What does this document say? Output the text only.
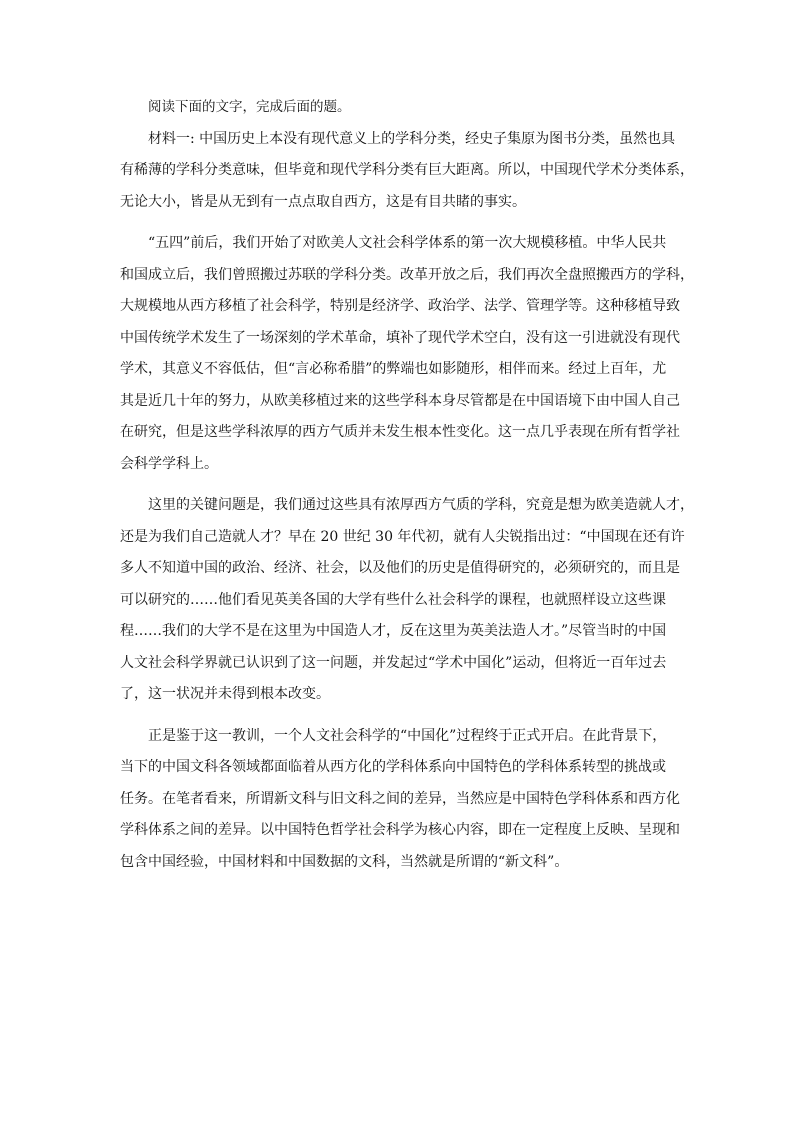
阅读下面的文字，完成后面的题。
材料一: 中国历史上本没有现代意义上的学科分类，经史子集原为图书分类，虽然也具
有稀薄的学科分类意味，但毕竟和现代学科分类有巨大距离。所以，中国现代学术分类体系，
无论大小，皆是从无到有一点点取自西方，这是有目共睹的事实。
“五四”前后，我们开始了对欧美人文社会科学体系的第一次大规模移植。中华人民共
和国成立后，我们曾照搬过苏联的学科分类。改革开放之后，我们再次全盘照搬西方的学科，
大规模地从西方移植了社会科学，特别是经济学、政治学、法学、管理学等。这种移植导致
中国传统学术发生了一场深刻的学术革命，填补了现代学术空白，没有这一引进就没有现代
学术，其意义不容低估，但“言必称希腊”的弊端也如影随形，相伴而来。经过上百年，尤
其是近几十年的努力，从欧美移植过来的这些学科本身尽管都是在中国语境下由中国人自己
在研究，但是这些学科浓厚的西方气质并未发生根本性变化。这一点几乎表现在所有哲学社
会科学学科上。
这里的关键问题是，我们通过这些具有浓厚西方气质的学科，究竟是想为欧美造就人才，
还是为我们自己造就人才？早在 20 世纪 30 年代初，就有人尖锐指出过：“中国现在还有许
多人不知道中国的政治、经济、社会，以及他们的历史是值得研究的，必须研究的，而且是
可以研究的……他们看见英美各国的大学有些什么社会科学的课程，也就照样设立这些课
程……我们的大学不是在这里为中国造人才，反在这里为英美法造人才。”尽管当时的中国
人文社会科学界就已认识到了这一问题，并发起过“学术中国化”运动，但将近一百年过去
了，这一状况并未得到根本改变。
正是鉴于这一教训，一个人文社会科学的“中国化”过程终于正式开启。在此背景下，
当下的中国文科各领域都面临着从西方化的学科体系向中国特色的学科体系转型的挑战或
任务。在笔者看来，所谓新文科与旧文科之间的差异，当然应是中国特色学科体系和西方化
学科体系之间的差异。以中国特色哲学社会科学为核心内容，即在一定程度上反映、呈现和
包含中国经验，中国材料和中国数据的文科，当然就是所谓的“新文科”。
